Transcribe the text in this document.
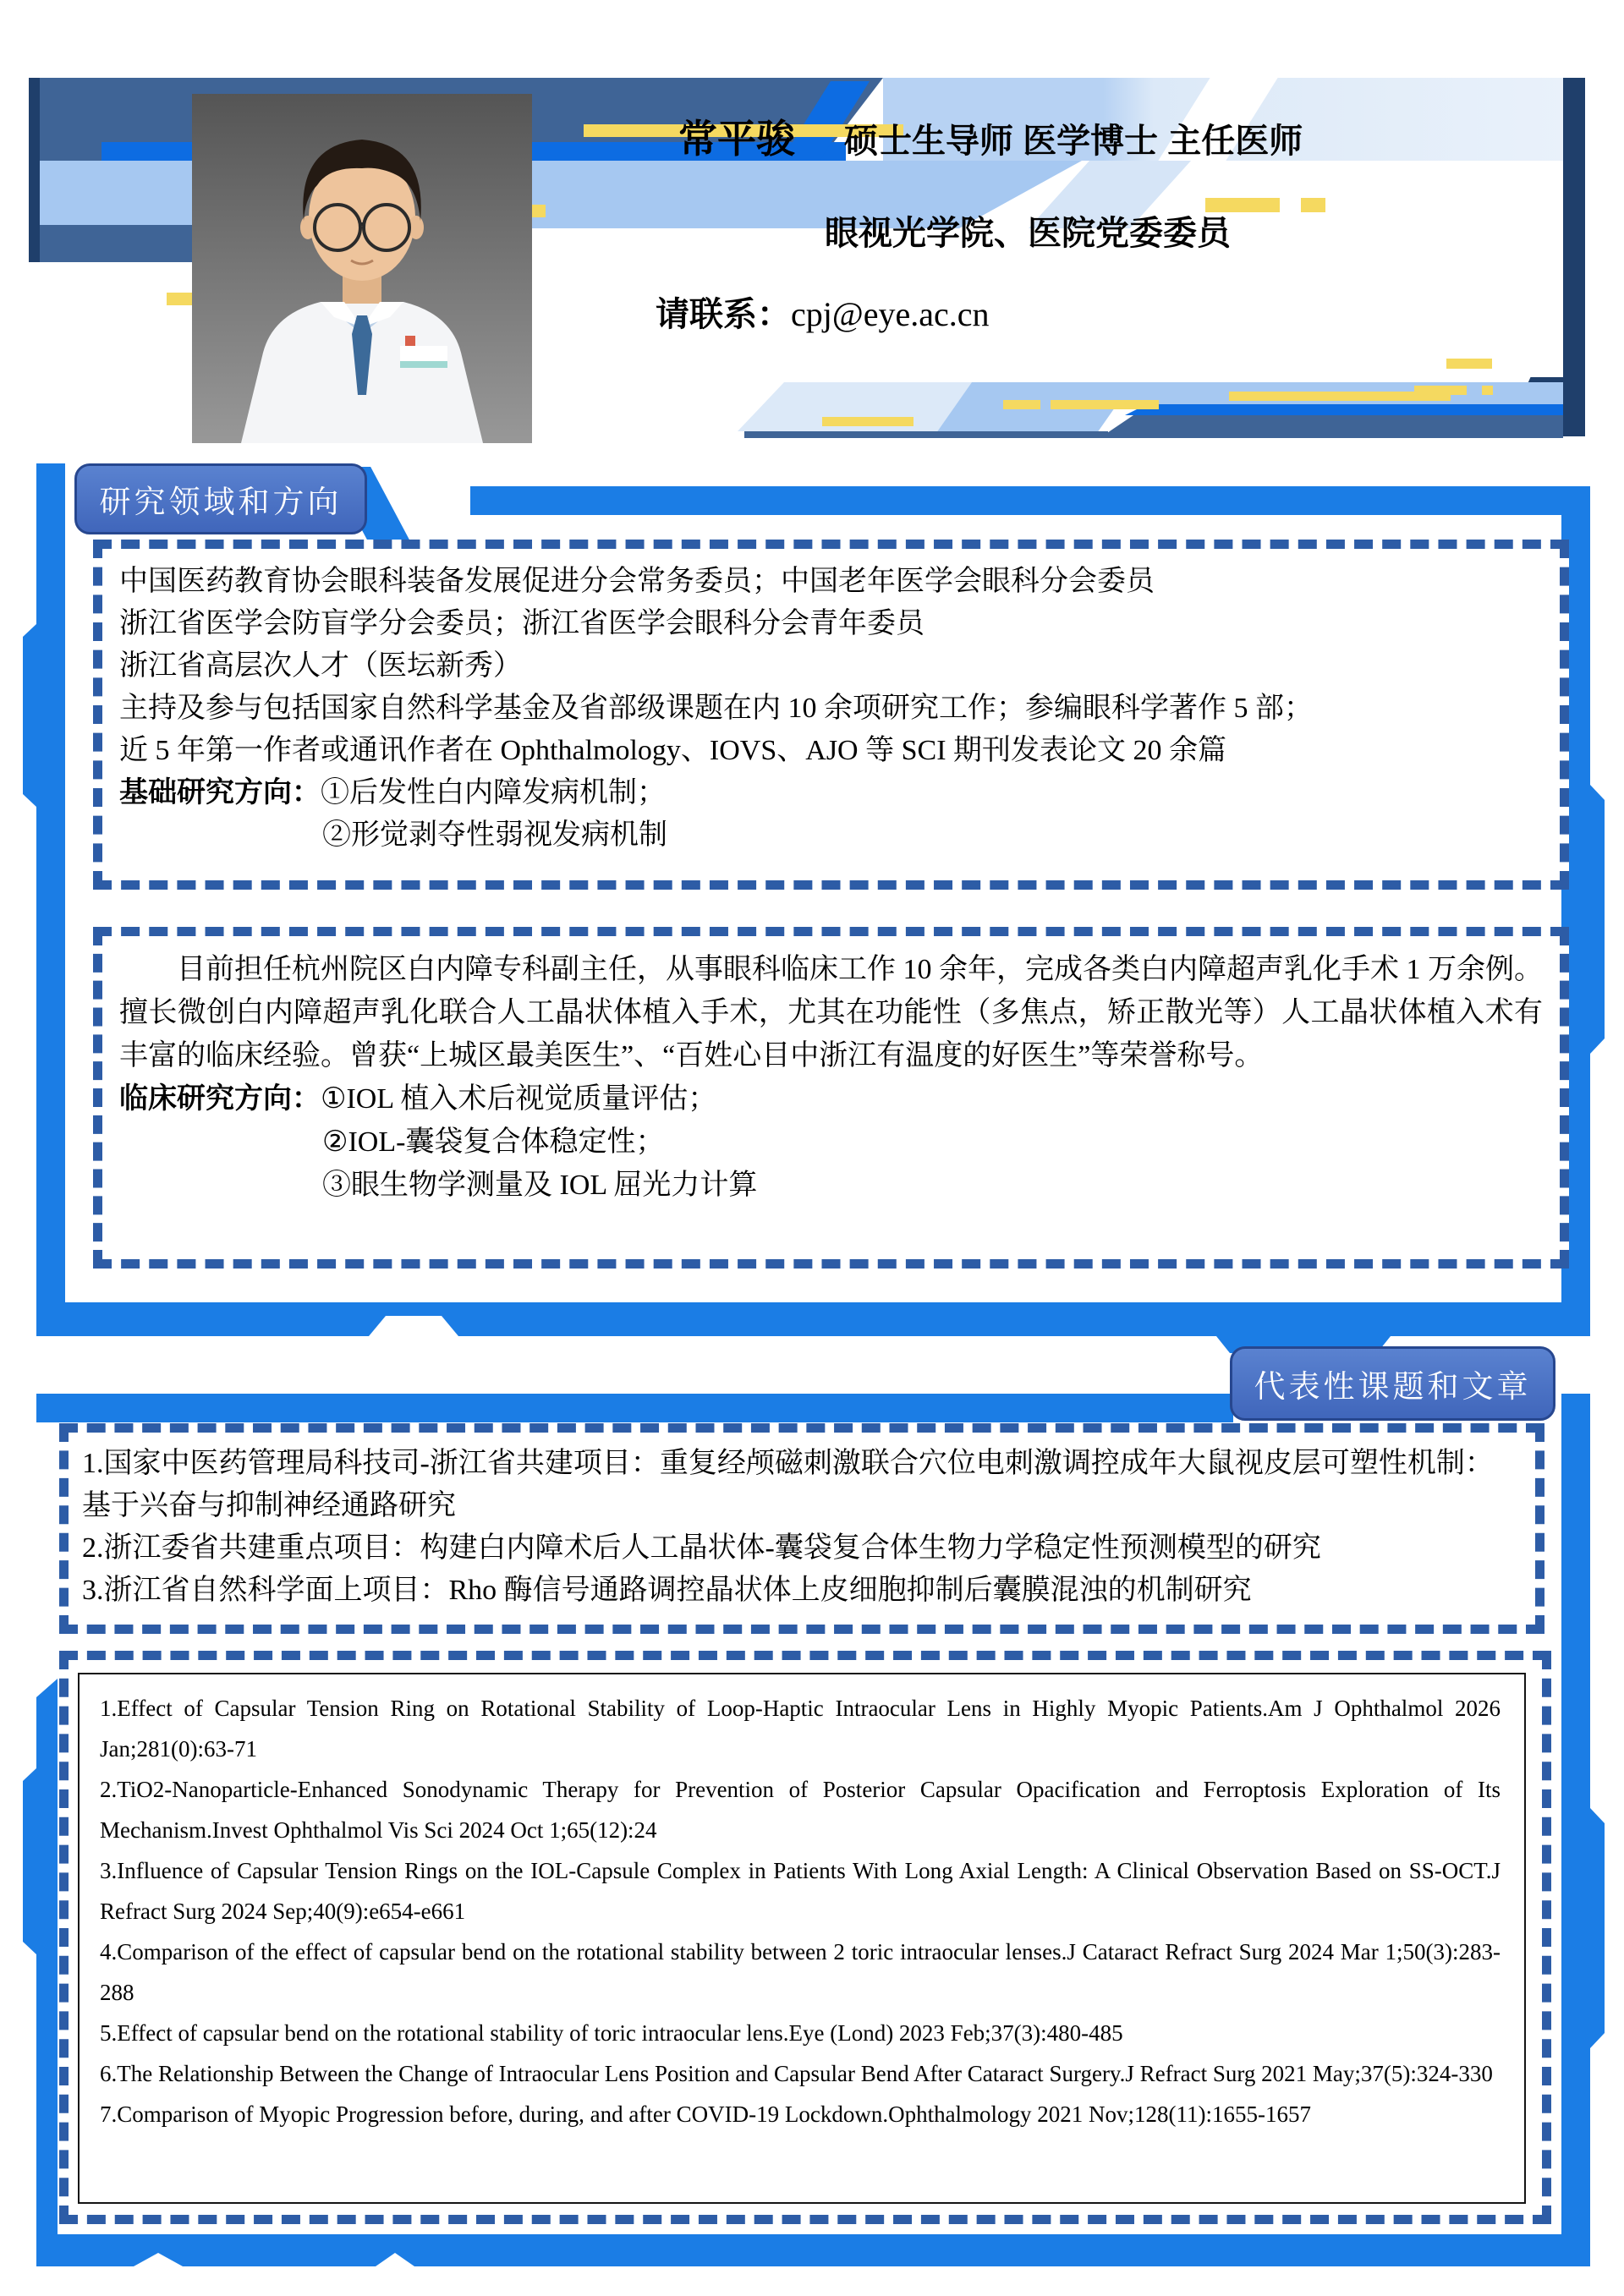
常平骏 硕士生导师 医学博士 主任医师
眼视光学院、医院党委委员
请联系： cpj@eye.ac.cn
研究领域和方向
中国医药教育协会眼科装备发展促进分会常务委员；中国老年医学会眼科分会委员
浙江省医学会防盲学分会委员；浙江省医学会眼科分会青年委员
浙江省高层次人才（医坛新秀）
主持及参与包括国家自然科学基金及省部级课题在内 10 余项研究工作；参编眼科学著作 5 部；
近 5 年第一作者或通讯作者在 Ophthalmology、IOVS、AJO 等 SCI 期刊发表论文 20 余篇
基础研究方向：①后发性白内障发病机制；
②形觉剥夺性弱视发病机制
目前担任杭州院区白内障专科副主任，从事眼科临床工作 10 余年，完成各类白内障超声乳化手术 1 万余例。擅长微创白内障超声乳化联合人工晶状体植入手术，尤其在功能性（多焦点，矫正散光等）人工晶状体植入术有丰富的临床经验。曾获“上城区最美医生”、“百姓心目中浙江有温度的好医生”等荣誉称号。
临床研究方向：①IOL 植入术后视觉质量评估；
②IOL-囊袋复合体稳定性；
③眼生物学测量及 IOL 屈光力计算
代表性课题和文章
1.国家中医药管理局科技司-浙江省共建项目：重复经颅磁刺激联合穴位电刺激调控成年大鼠视皮层可塑性机制：基于兴奋与抑制神经通路研究
2.浙江委省共建重点项目：构建白内障术后人工晶状体-囊袋复合体生物力学稳定性预测模型的研究
3.浙江省自然科学面上项目：Rho 酶信号通路调控晶状体上皮细胞抑制后囊膜混浊的机制研究

1.Effect of Capsular Tension Ring on Rotational Stability of Loop-Haptic Intraocular Lens in Highly Myopic Patients.Am J Ophthalmol 2026 Jan;281(0):63-71

2.TiO2-Nanoparticle-Enhanced Sonodynamic Therapy for Prevention of Posterior Capsular Opacification and Ferroptosis Exploration of Its Mechanism.Invest Ophthalmol Vis Sci 2024 Oct 1;65(12):24

3.Influence of Capsular Tension Rings on the IOL-Capsule Complex in Patients With Long Axial Length: A Clinical Observation Based on SS-OCT.J Refract Surg 2024 Sep;40(9):e654-e661

4.Comparison of the effect of capsular bend on the rotational stability between 2 toric intraocular lenses.J Cataract Refract Surg 2024 Mar 1;50(3):283-288

5.Effect of capsular bend on the rotational stability of toric intraocular lens.Eye (Lond) 2023 Feb;37(3):480-485

6.The Relationship Between the Change of Intraocular Lens Position and Capsular Bend After Cataract Surgery.J Refract Surg 2021 May;37(5):324-330

7.Comparison of Myopic Progression before, during, and after COVID-19 Lockdown.Ophthalmology 2021 Nov;128(11):1655-1657
